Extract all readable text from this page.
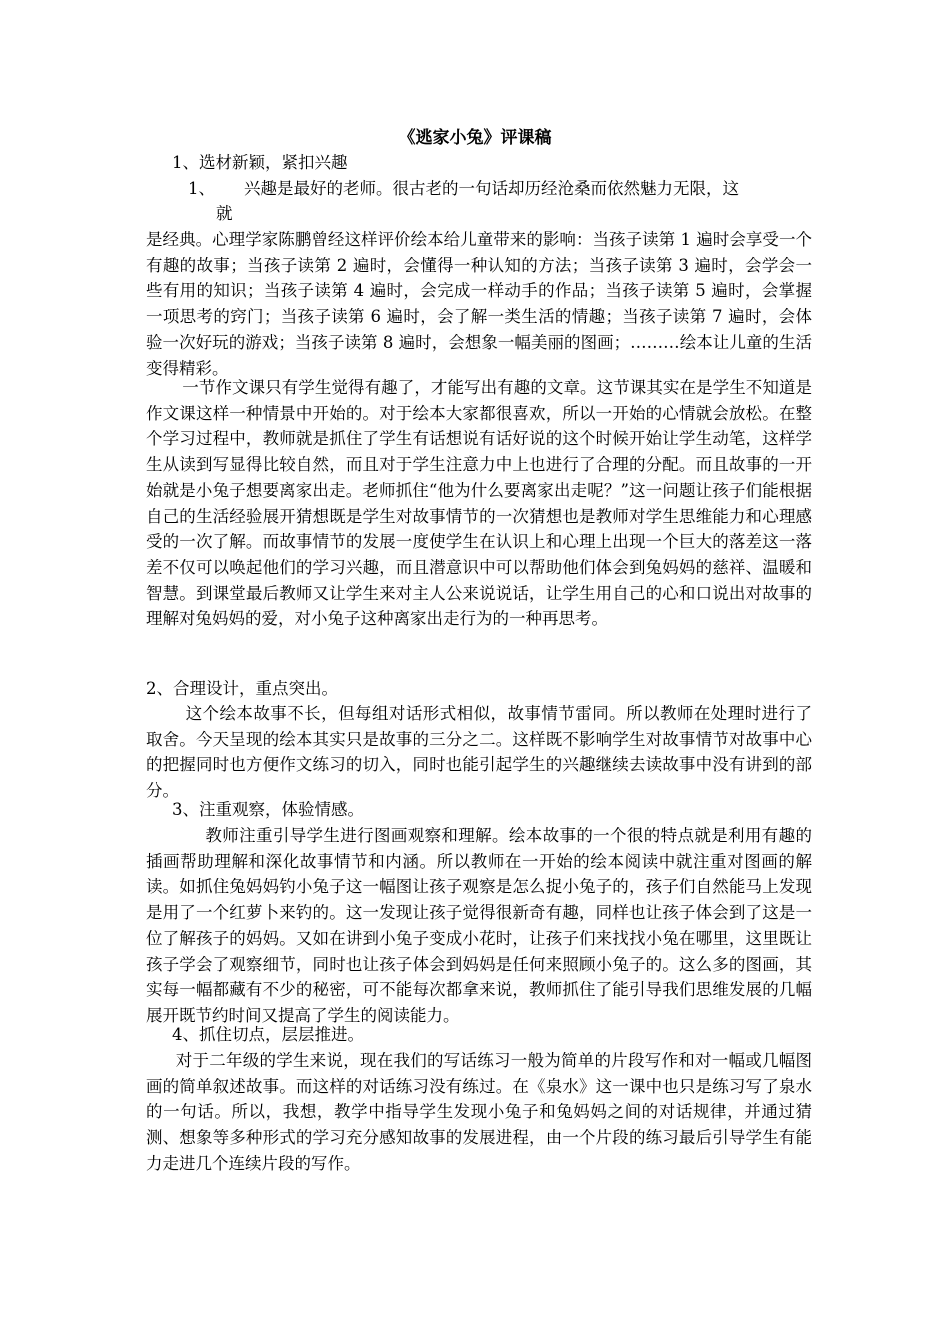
《逃家小兔》评课稿

1、选材新颖，紧扣兴趣

1、 兴趣是最好的老师。很古老的一句话却历经沧桑而依然魅力无限，这

就

是经典。心理学家陈鹏曾经这样评价绘本给儿童带来的影响：当孩子读第 1 遍时会享受一个有趣的故事；当孩子读第 2 遍时，会懂得一种认知的方法；当孩子读第 3 遍时，会学会一些有用的知识；当孩子读第 4 遍时，会完成一样动手的作品；当孩子读第 5 遍时，会掌握一项思考的窍门；当孩子读第 6 遍时，会了解一类生活的情趣；当孩子读第 7 遍时，会体验一次好玩的游戏；当孩子读第 8 遍时，会想象一幅美丽的图画；………绘本让儿童的生活变得精彩。

一节作文课只有学生觉得有趣了，才能写出有趣的文章。这节课其实在是学生不知道是作文课这样一种情景中开始的。对于绘本大家都很喜欢，所以一开始的心情就会放松。在整个学习过程中，教师就是抓住了学生有话想说有话好说的这个时候开始让学生动笔，这样学生从读到写显得比较自然，而且对于学生注意力中上也进行了合理的分配。而且故事的一开始就是小兔子想要离家出走。老师抓住“他为什么要离家出走呢？”这一问题让孩子们能根据自己的生活经验展开猜想既是学生对故事情节的一次猜想也是教师对学生思维能力和心理感受的一次了解。而故事情节的发展一度使学生在认识上和心理上出现一个巨大的落差这一落差不仅可以唤起他们的学习兴趣，而且潜意识中可以帮助他们体会到兔妈妈的慈祥、温暖和智慧。到课堂最后教师又让学生来对主人公来说说话，让学生用自己的心和口说出对故事的理解对兔妈妈的爱，对小兔子这种离家出走行为的一种再思考。

2、合理设计，重点突出。

这个绘本故事不长，但每组对话形式相似，故事情节雷同。所以教师在处理时进行了取舍。今天呈现的绘本其实只是故事的三分之二。这样既不影响学生对故事情节对故事中心的把握同时也方便作文练习的切入，同时也能引起学生的兴趣继续去读故事中没有讲到的部分。

3、注重观察，体验情感。

教师注重引导学生进行图画观察和理解。绘本故事的一个很的特点就是利用有趣的插画帮助理解和深化故事情节和内涵。所以教师在一开始的绘本阅读中就注重对图画的解读。如抓住兔妈妈钓小兔子这一幅图让孩子观察是怎么捉小兔子的，孩子们自然能马上发现是用了一个红萝卜来钓的。这一发现让孩子觉得很新奇有趣，同样也让孩子体会到了这是一位了解孩子的妈妈。又如在讲到小兔子变成小花时，让孩子们来找找小兔在哪里，这里既让孩子学会了观察细节，同时也让孩子体会到妈妈是任何来照顾小兔子的。这么多的图画，其实每一幅都藏有不少的秘密，可不能每次都拿来说，教师抓住了能引导我们思维发展的几幅展开既节约时间又提高了学生的阅读能力。

4、抓住切点，层层推进。

对于二年级的学生来说，现在我们的写话练习一般为简单的片段写作和对一幅或几幅图画的简单叙述故事。而这样的对话练习没有练过。在《泉水》这一课中也只是练习写了泉水的一句话。所以，我想，教学中指导学生发现小兔子和兔妈妈之间的对话规律，并通过猜测、想象等多种形式的学习充分感知故事的发展进程，由一个片段的练习最后引导学生有能力走进几个连续片段的写作。
